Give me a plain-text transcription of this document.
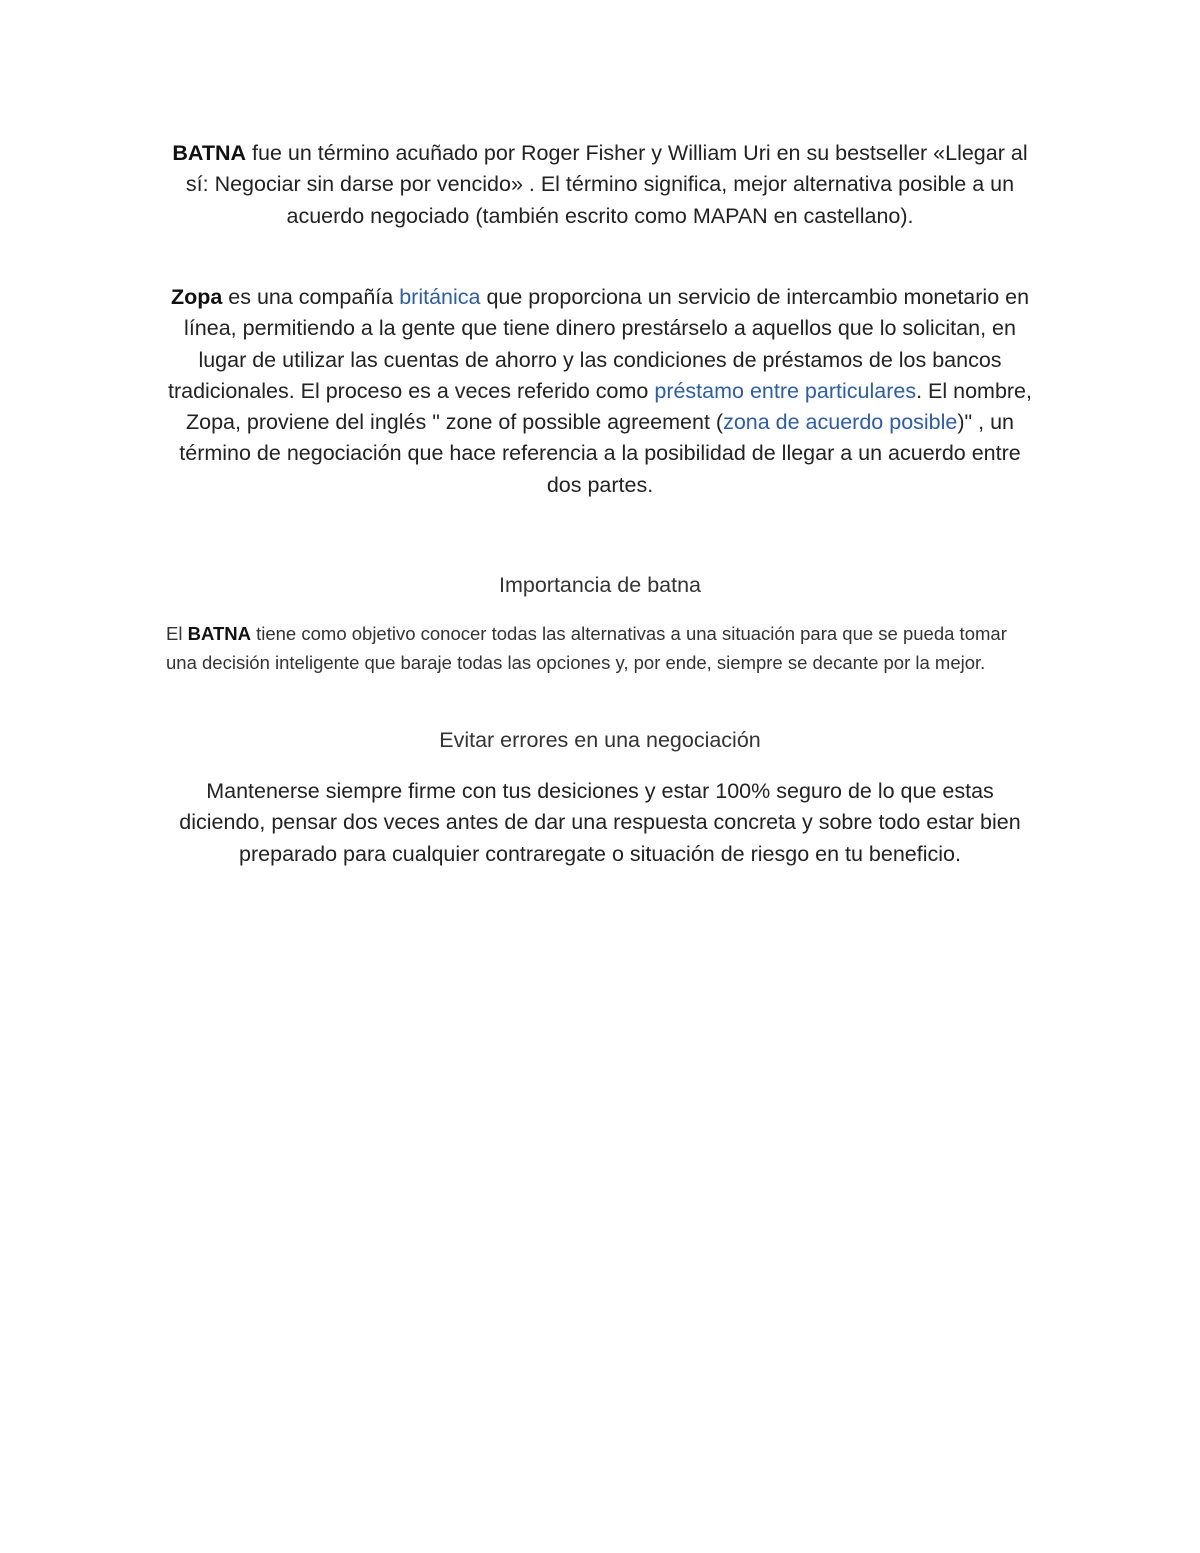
BATNA fue un término acuñado por Roger Fisher y William Uri en su bestseller «Llegar al sí: Negociar sin darse por vencido» . El término significa, mejor alternativa posible a un acuerdo negociado (también escrito como MAPAN en castellano).

Zopa es una compañía británica que proporciona un servicio de intercambio monetario en línea, permitiendo a la gente que tiene dinero prestárselo a aquellos que lo solicitan, en lugar de utilizar las cuentas de ahorro y las condiciones de préstamos de los bancos tradicionales. El proceso es a veces referido como préstamo entre particulares. El nombre, Zopa, proviene del inglés " zone of possible agreement (zona de acuerdo posible)" , un término de negociación que hace referencia a la posibilidad de llegar a un acuerdo entre dos partes.

Importancia de batna

El BATNA tiene como objetivo conocer todas las alternativas a una situación para que se pueda tomar una decisión inteligente que baraje todas las opciones y, por ende, siempre se decante por la mejor.

Evitar errores en una negociación

Mantenerse siempre firme con tus desiciones y estar 100% seguro de lo que estas diciendo, pensar dos veces antes de dar una respuesta concreta y sobre todo estar bien preparado para cualquier contraregate o situación de riesgo en tu beneficio.
